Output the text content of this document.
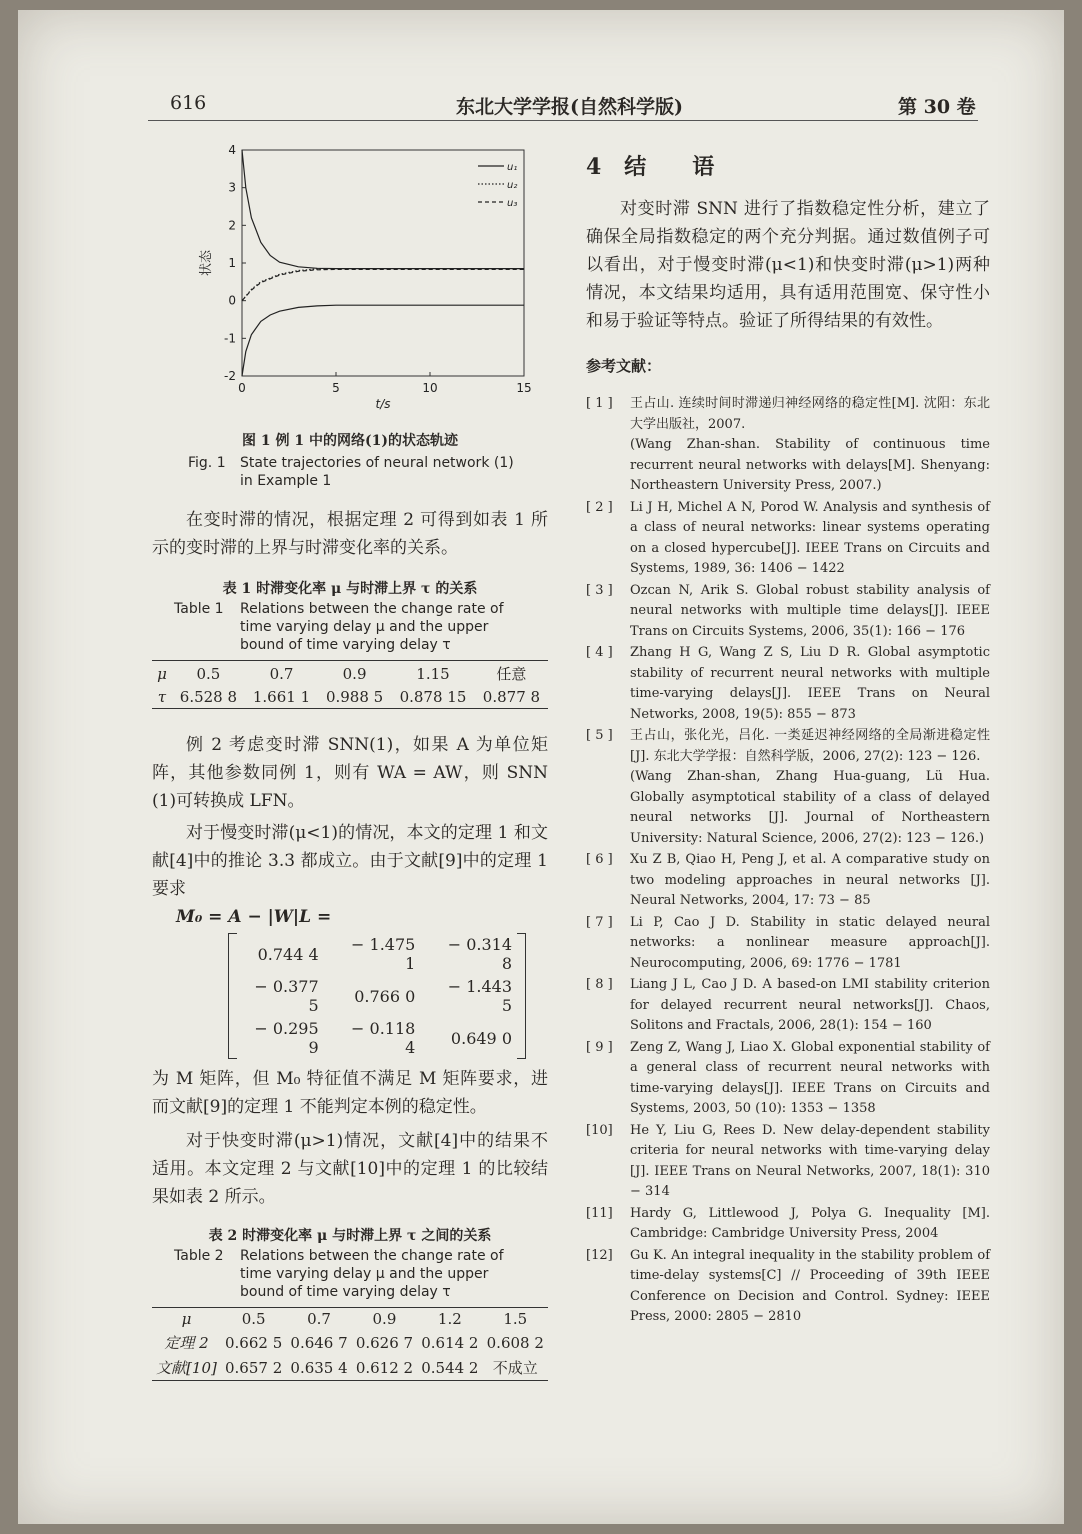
616	东北大学学报(自然科学版)	第 30 卷
0	5	10	15
-2
-1
0
1
2
3
4
t/s
状态
u₁
u₂
u₃
图 1 例 1 中的网络(1)的状态轨迹
Fig. 1	State trajectories of neural network (1) in Example 1

在变时滞的情况，根据定理 2 可得到如表 1 所示的变时滞的上界与时滞变化率的关系。

表 1 时滞变化率 μ 与时滞上界 τ 的关系
Table 1	Relations between the change rate of time varying delay μ and the upper bound of time varying delay τ
μ	0.5	0.7	0.9	1.15	任意
τ	6.528 8	1.661 1	0.988 5	0.878 15	0.877 8

例 2 考虑变时滞 SNN(1)，如果 A 为单位矩阵，其他参数同例 1，则有 WA = AW，则 SNN (1)可转换成 LFN。

对于慢变时滞(μ<1)的情况，本文的定理 1 和文献[4]中的推论 3.3 都成立。由于文献[9]中的定理 1 要求

M₀ = A − |W|L =
0.744 4	− 1.475 1	− 0.314 8
− 0.377 5	0.766 0	− 1.443 5
− 0.295 9	− 0.118 4	0.649 0

为 M 矩阵，但 M₀ 特征值不满足 M 矩阵要求，进而文献[9]的定理 1 不能判定本例的稳定性。

对于快变时滞(μ>1)情况，文献[4]中的结果不适用。本文定理 2 与文献[10]中的定理 1 的比较结果如表 2 所示。

表 2 时滞变化率 μ 与时滞上界 τ 之间的关系
Table 2	Relations between the change rate of time varying delay μ and the upper bound of time varying delay τ
μ	0.5	0.7	0.9	1.2	1.5
定理 2	0.662 5	0.646 7	0.626 7	0.614 2	0.608 2
文献[10]	0.657 2	0.635 4	0.612 2	0.544 2	不成立
4   结      语

对变时滞 SNN 进行了指数稳定性分析，建立了确保全局指数稳定的两个充分判据。通过数值例子可以看出，对于慢变时滞(μ<1)和快变时滞(μ>1)两种情况，本文结果均适用，具有适用范围宽、保守性小和易于验证等特点。验证了所得结果的有效性。

参考文献：
[ 1 ]	王占山. 连续时间时滞递归神经网络的稳定性[M]. 沈阳：东北大学出版社，2007.
(Wang Zhan-shan. Stability of continuous time recurrent neural networks with delays[M]. Shenyang: Northeastern University Press, 2007.)
[ 2 ]	Li J H, Michel A N, Porod W. Analysis and synthesis of a class of neural networks: linear systems operating on a closed hypercube[J]. IEEE Trans on Circuits and Systems, 1989, 36: 1406 − 1422
[ 3 ]	Ozcan N, Arik S. Global robust stability analysis of neural networks with multiple time delays[J]. IEEE Trans on Circuits Systems, 2006, 35(1): 166 − 176
[ 4 ]	Zhang H G, Wang Z S, Liu D R. Global asymptotic stability of recurrent neural networks with multiple time-varying delays[J]. IEEE Trans on Neural Networks, 2008, 19(5): 855 − 873
[ 5 ]	王占山，张化光，吕化. 一类延迟神经网络的全局渐进稳定性[J]. 东北大学学报：自然科学版，2006, 27(2): 123 − 126.
(Wang Zhan-shan, Zhang Hua-guang, Lü Hua. Globally asymptotical stability of a class of delayed neural networks [J]. Journal of Northeastern University: Natural Science, 2006, 27(2): 123 − 126.)
[ 6 ]	Xu Z B, Qiao H, Peng J, et al. A comparative study on two modeling approaches in neural networks [J]. Neural Networks, 2004, 17: 73 − 85
[ 7 ]	Li P, Cao J D. Stability in static delayed neural networks: a nonlinear measure approach[J]. Neurocomputing, 2006, 69: 1776 − 1781
[ 8 ]	Liang J L, Cao J D. A based-on LMI stability criterion for delayed recurrent neural networks[J]. Chaos, Solitons and Fractals, 2006, 28(1): 154 − 160
[ 9 ]	Zeng Z, Wang J, Liao X. Global exponential stability of a general class of recurrent neural networks with time-varying delays[J]. IEEE Trans on Circuits and Systems, 2003, 50 (10): 1353 − 1358
[10]	He Y, Liu G, Rees D. New delay-dependent stability criteria for neural networks with time-varying delay [J]. IEEE Trans on Neural Networks, 2007, 18(1): 310 − 314
[11]	Hardy G, Littlewood J, Polya G. Inequality [M]. Cambridge: Cambridge University Press, 2004
[12]	Gu K. An integral inequality in the stability problem of time-delay systems[C] // Proceeding of 39th IEEE Conference on Decision and Control. Sydney: IEEE Press, 2000: 2805 − 2810
